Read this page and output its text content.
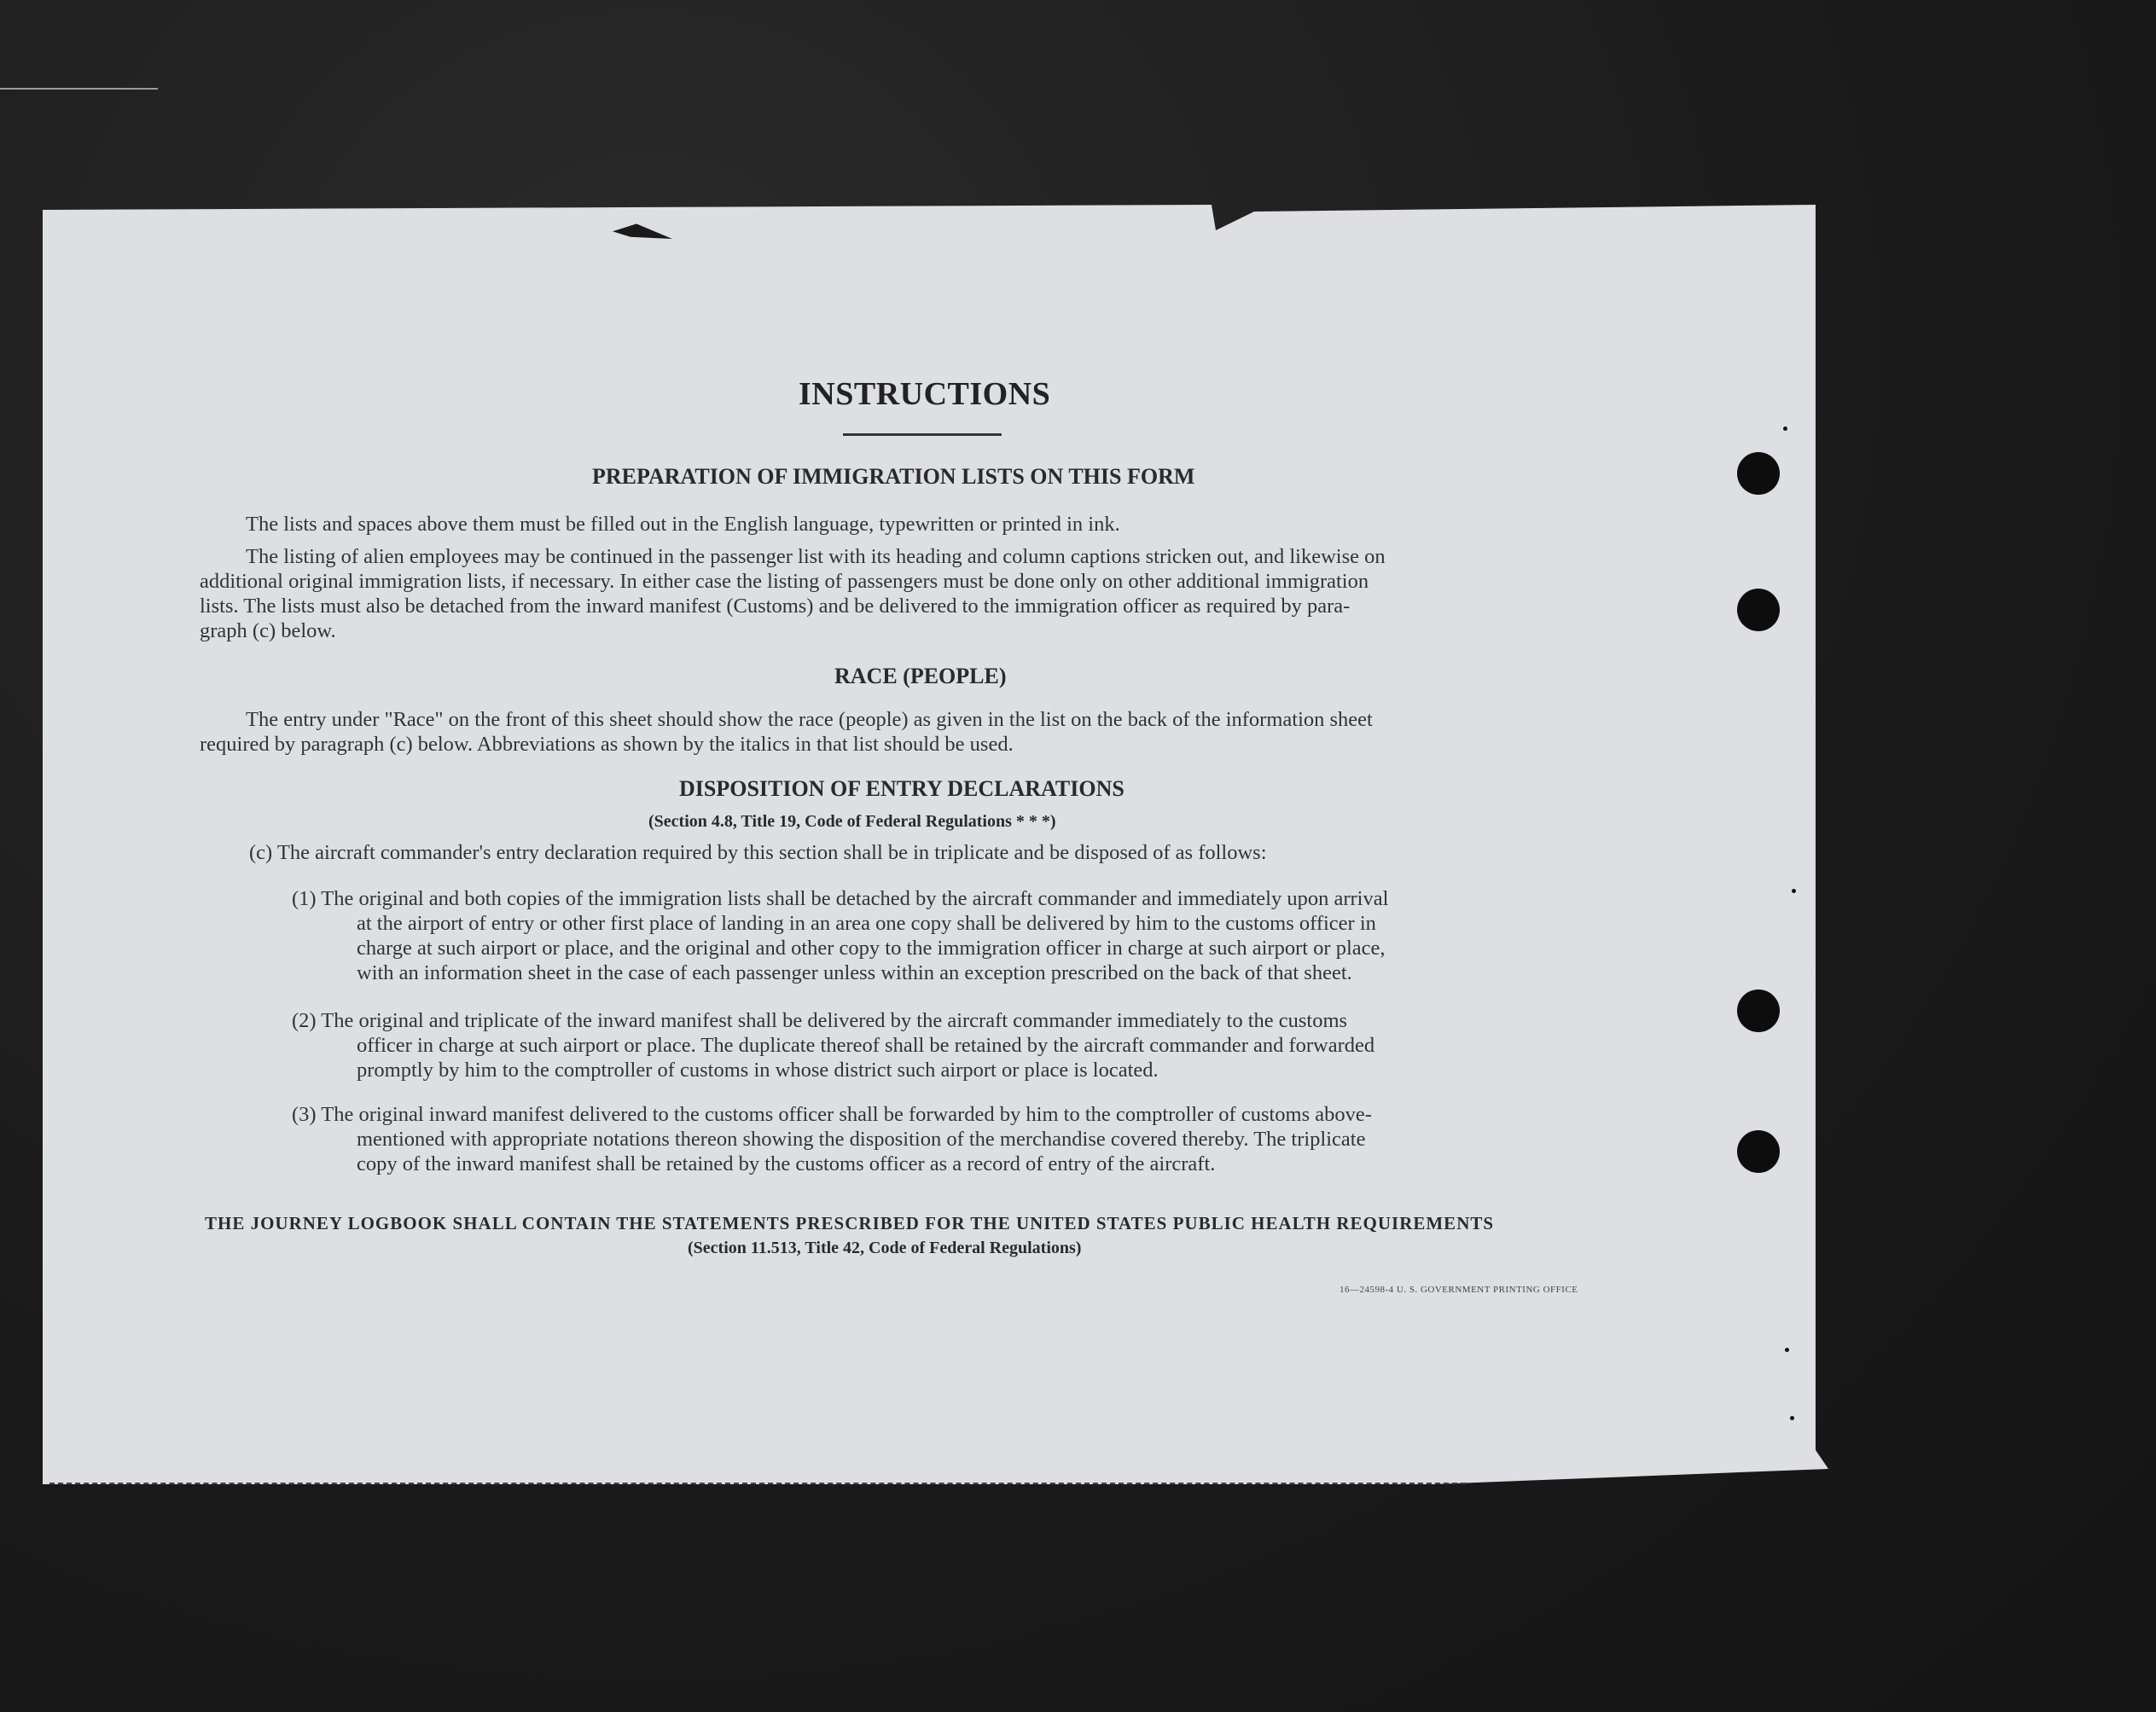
INSTRUCTIONS
PREPARATION OF IMMIGRATION LISTS ON THIS FORM
The lists and spaces above them must be filled out in the English language, typewritten or printed in ink.
The listing of alien employees may be continued in the passenger list with its heading and column captions stricken out, and likewise on
additional original immigration lists, if necessary. In either case the listing of passengers must be done only on other additional immigration
lists. The lists must also be detached from the inward manifest (Customs) and be delivered to the immigration officer as required by para-
graph (c) below.
RACE (PEOPLE)
The entry under "Race" on the front of this sheet should show the race (people) as given in the list on the back of the information sheet
required by paragraph (c) below. Abbreviations as shown by the italics in that list should be used.
DISPOSITION OF ENTRY DECLARATIONS
(Section 4.8, Title 19, Code of Federal Regulations * * *)
(c) The aircraft commander's entry declaration required by this section shall be in triplicate and be disposed of as follows:
(1) The original and both copies of the immigration lists shall be detached by the aircraft commander and immediately upon arrival
at the airport of entry or other first place of landing in an area one copy shall be delivered by him to the customs officer in
charge at such airport or place, and the original and other copy to the immigration officer in charge at such airport or place,
with an information sheet in the case of each passenger unless within an exception prescribed on the back of that sheet.
(2) The original and triplicate of the inward manifest shall be delivered by the aircraft commander immediately to the customs
officer in charge at such airport or place. The duplicate thereof shall be retained by the aircraft commander and forwarded
promptly by him to the comptroller of customs in whose district such airport or place is located.
(3) The original inward manifest delivered to the customs officer shall be forwarded by him to the comptroller of customs above-
mentioned with appropriate notations thereon showing the disposition of the merchandise covered thereby. The triplicate
copy of the inward manifest shall be retained by the customs officer as a record of entry of the aircraft.
THE JOURNEY LOGBOOK SHALL CONTAIN THE STATEMENTS PRESCRIBED FOR THE UNITED STATES PUBLIC HEALTH REQUIREMENTS
(Section 11.513, Title 42, Code of Federal Regulations)
16—24598-4 U. S. GOVERNMENT PRINTING OFFICE
